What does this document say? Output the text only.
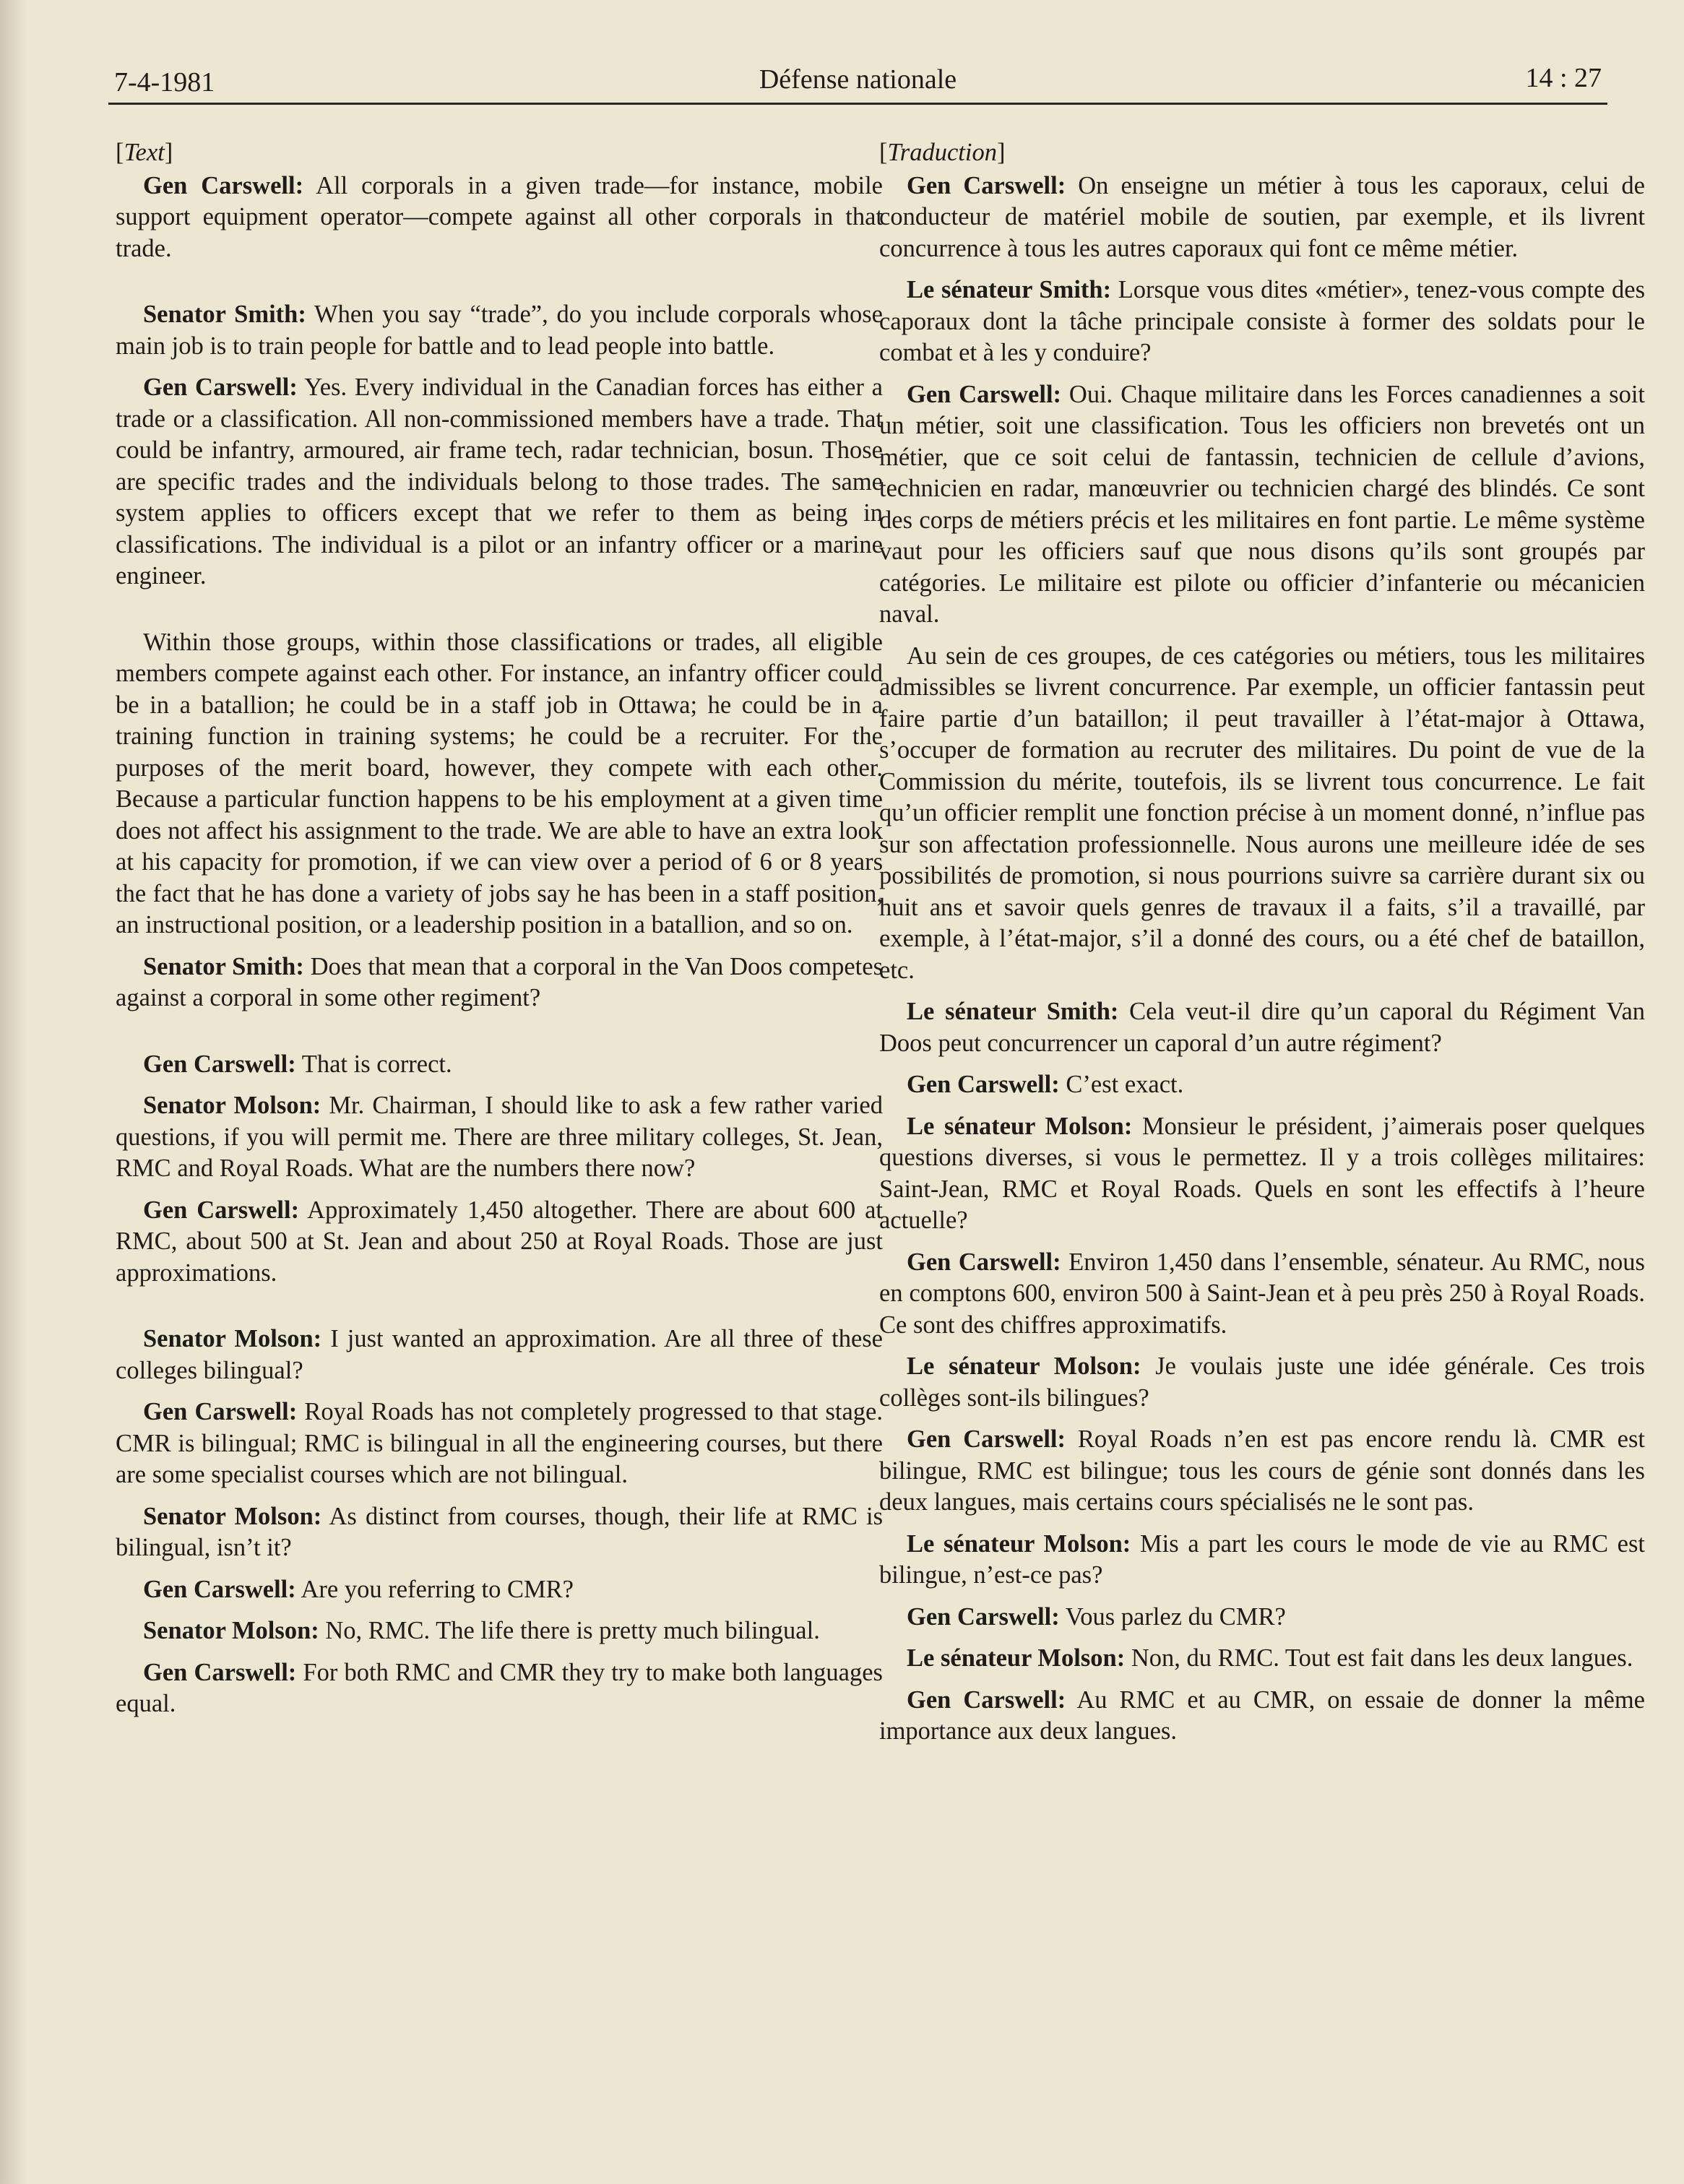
7-4-1981	Défense nationale	14 : 27

[Text]

Gen Carswell: All corporals in a given trade—for instance, mobile support equipment operator—compete against all other corporals in that trade.

Senator Smith: When you say “trade”, do you include corporals whose main job is to train people for battle and to lead people into battle.

Gen Carswell: Yes. Every individual in the Canadian forces has either a trade or a classification. All non-commissioned members have a trade. That could be infantry, armoured, air frame tech, radar technician, bosun. Those are specific trades and the individuals belong to those trades. The same system applies to officers except that we refer to them as being in classifications. The individual is a pilot or an infantry officer or a marine engineer.

Within those groups, within those classifications or trades, all eligible members compete against each other. For instance, an infantry officer could be in a batallion; he could be in a staff job in Ottawa; he could be in a training function in training systems; he could be a recruiter. For the purposes of the merit board, however, they compete with each other. Because a particular function happens to be his employment at a given time does not affect his assignment to the trade. We are able to have an extra look at his capacity for promotion, if we can view over a period of 6 or 8 years the fact that he has done a variety of jobs say he has been in a staff position, an instructional position, or a leadership position in a batallion, and so on.

Senator Smith: Does that mean that a corporal in the Van Doos competes against a corporal in some other regiment?

Gen Carswell: That is correct.

Senator Molson: Mr. Chairman, I should like to ask a few rather varied questions, if you will permit me. There are three military colleges, St. Jean, RMC and Royal Roads. What are the numbers there now?

Gen Carswell: Approximately 1,450 altogether. There are about 600 at RMC, about 500 at St. Jean and about 250 at Royal Roads. Those are just approximations.

Senator Molson: I just wanted an approximation. Are all three of these colleges bilingual?

Gen Carswell: Royal Roads has not completely progressed to that stage. CMR is bilingual; RMC is bilingual in all the engineering courses, but there are some specialist courses which are not bilingual.

Senator Molson: As distinct from courses, though, their life at RMC is bilingual, isn’t it?

Gen Carswell: Are you referring to CMR?

Senator Molson: No, RMC. The life there is pretty much bilingual.

Gen Carswell: For both RMC and CMR they try to make both languages equal.

[Traduction]

Gen Carswell: On enseigne un métier à tous les caporaux, celui de conducteur de matériel mobile de soutien, par exemple, et ils livrent concurrence à tous les autres caporaux qui font ce même métier.

Le sénateur Smith: Lorsque vous dites «métier», tenez-vous compte des caporaux dont la tâche principale consiste à former des soldats pour le combat et à les y conduire?

Gen Carswell: Oui. Chaque militaire dans les Forces canadiennes a soit un métier, soit une classification. Tous les officiers non brevetés ont un métier, que ce soit celui de fantassin, technicien de cellule d’avions, technicien en radar, manœuvrier ou technicien chargé des blindés. Ce sont des corps de métiers précis et les militaires en font partie. Le même système vaut pour les officiers sauf que nous disons qu’ils sont groupés par catégories. Le militaire est pilote ou officier d’infanterie ou mécanicien naval.

Au sein de ces groupes, de ces catégories ou métiers, tous les militaires admissibles se livrent concurrence. Par exemple, un officier fantassin peut faire partie d’un bataillon; il peut travailler à l’état-major à Ottawa, s’occuper de formation au recruter des militaires. Du point de vue de la Commission du mérite, toutefois, ils se livrent tous concurrence. Le fait qu’un officier remplit une fonction précise à un moment donné, n’influe pas sur son affectation professionnelle. Nous aurons une meilleure idée de ses possibilités de promotion, si nous pourrions suivre sa carrière durant six ou huit ans et savoir quels genres de travaux il a faits, s’il a travaillé, par exemple, à l’état-major, s’il a donné des cours, ou a été chef de bataillon, etc.

Le sénateur Smith: Cela veut-il dire qu’un caporal du Régiment Van Doos peut concurrencer un caporal d’un autre régiment?

Gen Carswell: C’est exact.

Le sénateur Molson: Monsieur le président, j’aimerais poser quelques questions diverses, si vous le permettez. Il y a trois collèges militaires: Saint-Jean, RMC et Royal Roads. Quels en sont les effectifs à l’heure actuelle?

Gen Carswell: Environ 1,450 dans l’ensemble, sénateur. Au RMC, nous en comptons 600, environ 500 à Saint-Jean et à peu près 250 à Royal Roads. Ce sont des chiffres approximatifs.

Le sénateur Molson: Je voulais juste une idée générale. Ces trois collèges sont-ils bilingues?

Gen Carswell: Royal Roads n’en est pas encore rendu là. CMR est bilingue, RMC est bilingue; tous les cours de génie sont donnés dans les deux langues, mais certains cours spécialisés ne le sont pas.

Le sénateur Molson: Mis a part les cours le mode de vie au RMC est bilingue, n’est-ce pas?

Gen Carswell: Vous parlez du CMR?

Le sénateur Molson: Non, du RMC. Tout est fait dans les deux langues.

Gen Carswell: Au RMC et au CMR, on essaie de donner la même importance aux deux langues.
